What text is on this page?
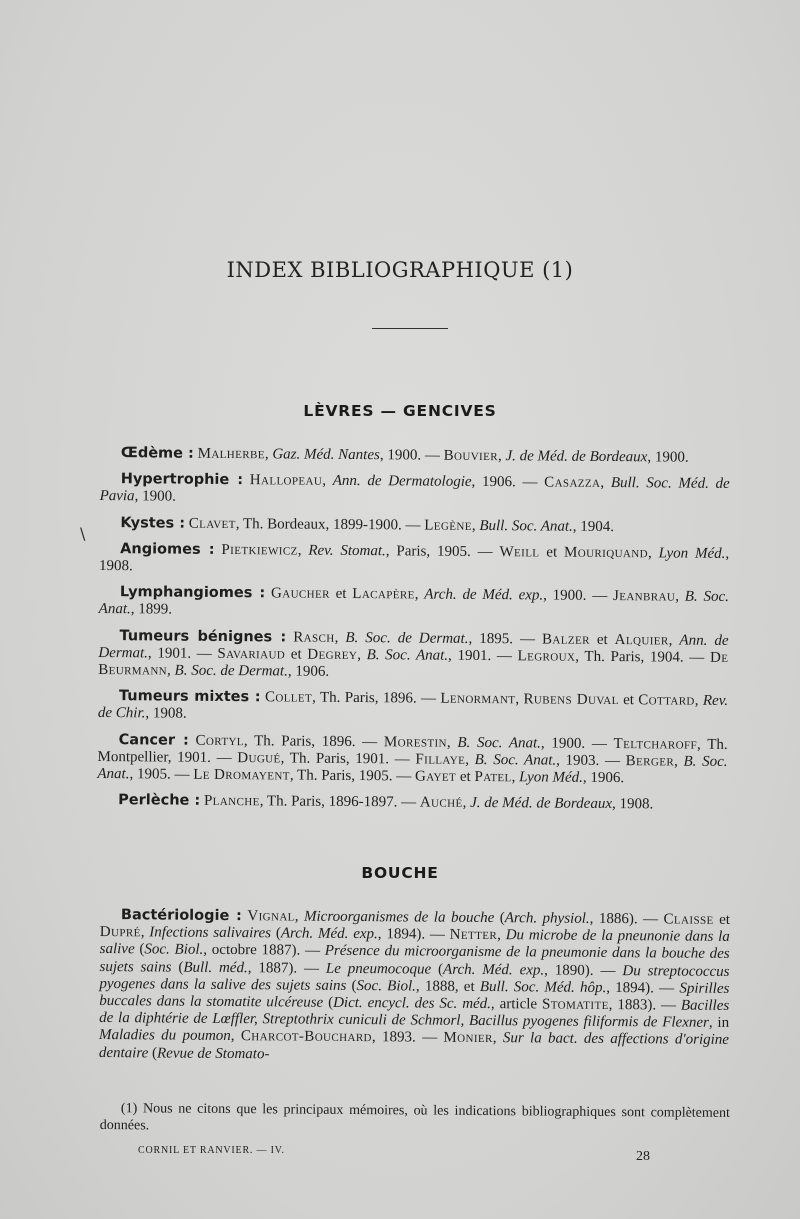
INDEX BIBLIOGRAPHIQUE (1)
\
LÈVRES — GENCIVES

Œdème : Malherbe, Gaz. Méd. Nantes, 1900. — Bouvier, J. de Méd. de Bordeaux, 1900.

Hypertrophie : Hallopeau, Ann. de Dermatologie, 1906. — Casazza, Bull. Soc. Méd. de Pavia, 1900.

Kystes : Clavet, Th. Bordeaux, 1899-1900. — Legène, Bull. Soc. Anat., 1904.

Angiomes : Pietkiewicz, Rev. Stomat., Paris, 1905. — Weill et Mouriquand, Lyon Méd., 1908.

Lymphangiomes : Gaucher et Lacapère, Arch. de Méd. exp., 1900. — Jeanbrau, B. Soc. Anat., 1899.

Tumeurs bénignes : Rasch, B. Soc. de Dermat., 1895. — Balzer et Alquier, Ann. de Dermat., 1901. — Savariaud et Degrey, B. Soc. Anat., 1901. — Legroux, Th. Paris, 1904. — De Beurmann, B. Soc. de Dermat., 1906.

Tumeurs mixtes : Collet, Th. Paris, 1896. — Lenormant, Rubens Duval et Cottard, Rev. de Chir., 1908.

Cancer : Cortyl, Th. Paris, 1896. — Morestin, B. Soc. Anat., 1900. — Teltcharoff, Th. Montpellier, 1901. — Dugué, Th. Paris, 1901. — Fillaye, B. Soc. Anat., 1903. — Berger, B. Soc. Anat., 1905. — Le Dromayent, Th. Paris, 1905. — Gayet et Patel, Lyon Méd., 1906.

Perlèche : Planche, Th. Paris, 1896-1897. — Auché, J. de Méd. de Bordeaux, 1908.

BOUCHE

Bactériologie : Vignal, Microorganismes de la bouche (Arch. physiol., 1886). — Claisse et Dupré, Infections salivaires (Arch. Méd. exp., 1894). — Netter, Du microbe de la pneunonie dans la salive (Soc. Biol., octobre 1887). — Présence du microorganisme de la pneumonie dans la bouche des sujets sains (Bull. méd., 1887). — Le pneumocoque (Arch. Méd. exp., 1890). — Du streptococcus pyogenes dans la salive des sujets sains (Soc. Biol., 1888, et Bull. Soc. Méd. hôp., 1894). — Spirilles buccales dans la stomatite ulcéreuse (Dict. encycl. des Sc. méd., article Stomatite, 1883). — Bacilles de la diphtérie de Lœffler, Streptothrix cuniculi de Schmorl, Bacillus pyogenes filiformis de Flexner, in Maladies du poumon, Charcot-Bouchard, 1893. — Monier, Sur la bact. des affections d'origine dentaire (Revue de Stomato-

(1) Nous ne citons que les principaux mémoires, où les indications bibliographiques sont complètement données.
CORNIL ET RANVIER. — IV.	28
